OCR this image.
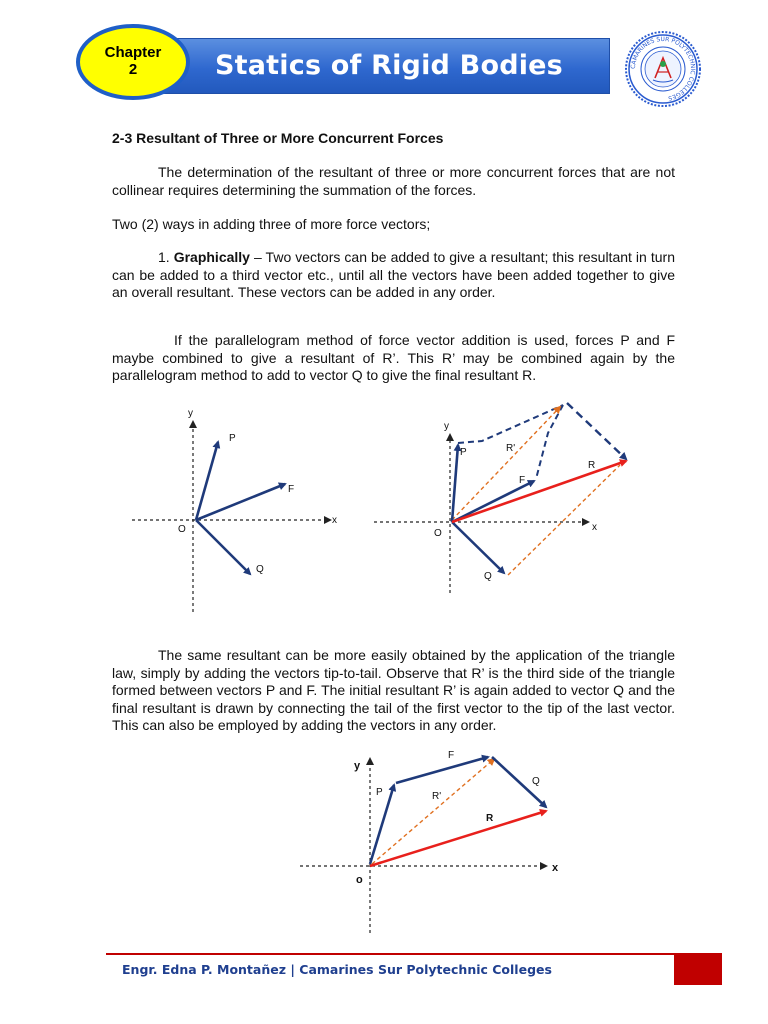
Statics of Rigid Bodies
Chapter
2	CAMARINES SUR POLYTECHNIC COLLEGES
2-3 Resultant of Three or More Concurrent Forces

The determination of the resultant of three or more concurrent forces that are not collinear requires determining the summation of the forces.

Two (2) ways in adding three of more force vectors;

1. Graphically – Two vectors can be added to give a resultant; this resultant in turn can be added to a third vector etc., until all the vectors have been added together to give an overall resultant. These vectors can be added in any order.

If the parallelogram method of force vector addition is used, forces P and F maybe combined to give a resultant of R’. This R’ may be combined again by the parallelogram method to add to vector Q to give the final resultant R.

y
x
O
P
F
Q
y
x
O
P	R'
F
R
Q

The same resultant can be more easily obtained by the application of the triangle law, simply by adding the vectors tip-to-tail. Observe that R’ is the third side of the triangle formed between vectors P and F. The initial resultant R’ is again added to vector Q and the final resultant is drawn by connecting the tail of the first vector to the tip of the last vector. This can also be employed by adding the vectors in any order.

y
x
o
P
F
Q
R'
R
Engr. Edna P. Montañez | Camarines Sur Polytechnic Colleges
